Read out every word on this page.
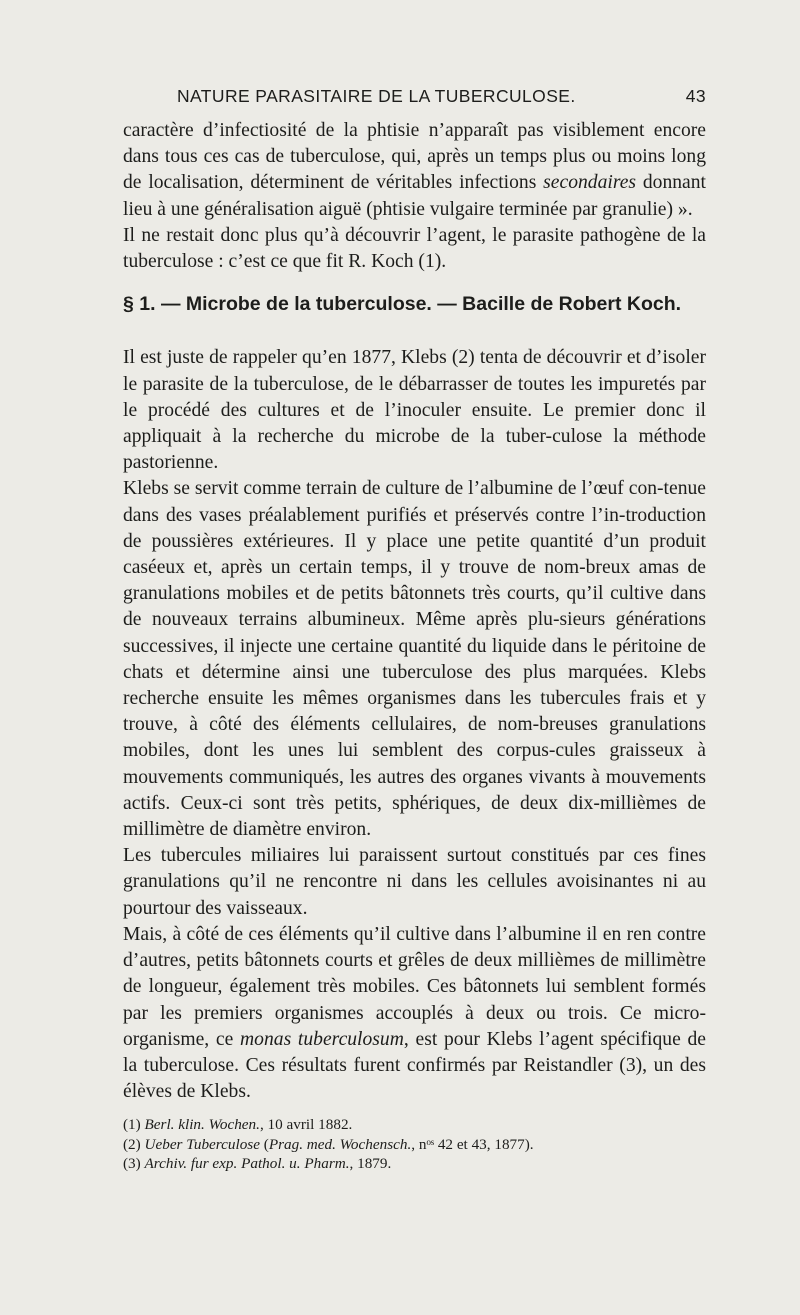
NATURE PARASITAIRE DE LA TUBERCULOSE.	43

caractère d’infectiosité de la phtisie n’apparaît pas visiblement encore dans tous ces cas de tuberculose, qui, après un temps plus ou moins long de localisation, déterminent de véritables infections secondaires donnant lieu à une généralisation aiguë (phtisie vulgaire terminée par granulie) ».

Il ne restait donc plus qu’à découvrir l’agent, le parasite pathogène de la tuberculose : c’est ce que fit R. Koch (1).

§ 1. — Microbe de la tuberculose. — Bacille de Robert Koch.

Il est juste de rappeler qu’en 1877, Klebs (2) tenta de découvrir et d’isoler le parasite de la tuberculose, de le débarrasser de toutes les impuretés par le procédé des cultures et de l’inoculer ensuite. Le premier donc il appliquait à la recherche du microbe de la tuber-culose la méthode pastorienne.

Klebs se servit comme terrain de culture de l’albumine de l’œuf con-tenue dans des vases préalablement purifiés et préservés contre l’in-troduction de poussières extérieures. Il y place une petite quantité d’un produit caséeux et, après un certain temps, il y trouve de nom-breux amas de granulations mobiles et de petits bâtonnets très courts, qu’il cultive dans de nouveaux terrains albumineux. Même après plu-sieurs générations successives, il injecte une certaine quantité du liquide dans le péritoine de chats et détermine ainsi une tuberculose des plus marquées. Klebs recherche ensuite les mêmes organismes dans les tubercules frais et y trouve, à côté des éléments cellulaires, de nom-breuses granulations mobiles, dont les unes lui semblent des corpus-cules graisseux à mouvements communiqués, les autres des organes vivants à mouvements actifs. Ceux-ci sont très petits, sphériques, de deux dix-millièmes de millimètre de diamètre environ.

Les tubercules miliaires lui paraissent surtout constitués par ces fines granulations qu’il ne rencontre ni dans les cellules avoisinantes ni au pourtour des vaisseaux.

Mais, à côté de ces éléments qu’il cultive dans l’albumine il en ren contre d’autres, petits bâtonnets courts et grêles de deux millièmes de millimètre de longueur, également très mobiles. Ces bâtonnets lui semblent formés par les premiers organismes accouplés à deux ou trois. Ce micro-organisme, ce monas tuberculosum, est pour Klebs l’agent spécifique de la tuberculose. Ces résultats furent confirmés par Reistandler (3), un des élèves de Klebs.

(1) Berl. klin. Wochen., 10 avril 1882.
(2) Ueber Tuberculose (Prag. med. Wochensch., nᵒˢ 42 et 43, 1877).
(3) Archiv. fur exp. Pathol. u. Pharm., 1879.
